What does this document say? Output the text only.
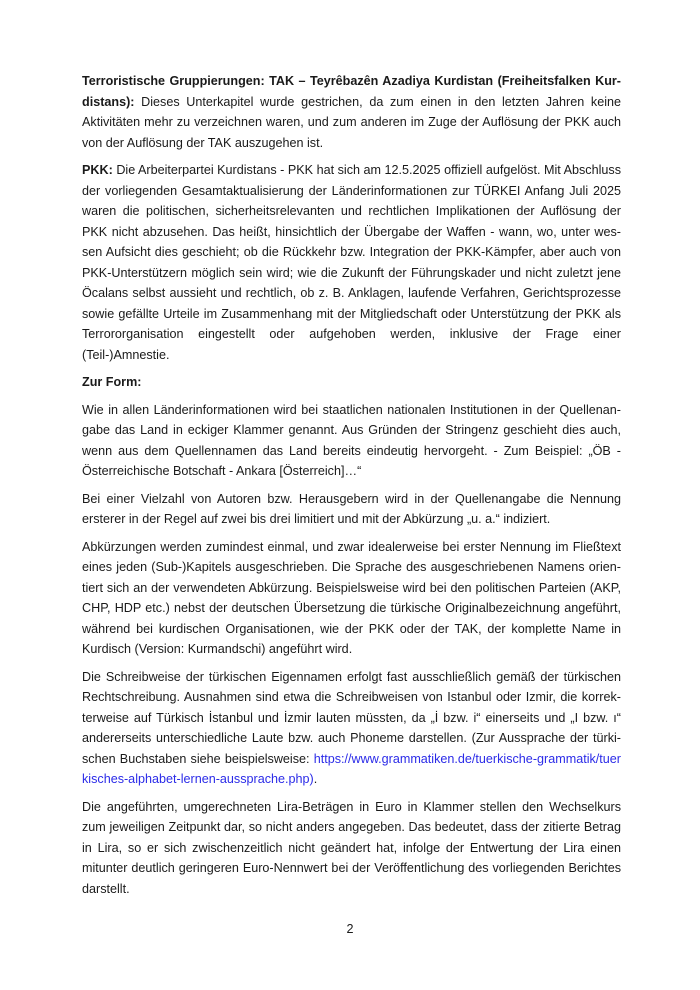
Terroristische Gruppierungen: TAK – Teyrêbazên Azadiya Kurdistan (Freiheitsfalken Kurdistans): Dieses Unterkapitel wurde gestrichen, da zum einen in den letzten Jahren keine Aktivitäten mehr zu verzeichnen waren, und zum anderen im Zuge der Auflösung der PKK auch von der Auflösung der TAK auszugehen ist.

PKK: Die Arbeiterpartei Kurdistans - PKK hat sich am 12.5.2025 offiziell aufgelöst. Mit Abschluss der vorliegenden Gesamtaktualisierung der Länderinformationen zur TÜRKEI Anfang Juli 2025 waren die politischen, sicherheitsrelevanten und rechtlichen Implikationen der Auflösung der PKK nicht abzusehen. Das heißt, hinsichtlich der Übergabe der Waffen - wann, wo, unter wessen Aufsicht dies geschieht; ob die Rückkehr bzw. Integration der PKK-Kämpfer, aber auch von PKK-Unterstützern möglich sein wird; wie die Zukunft der Führungskader und nicht zuletzt jene Öcalans selbst aussieht und rechtlich, ob z. B. Anklagen, laufende Verfahren, Gerichtsprozesse sowie gefällte Urteile im Zusammenhang mit der Mitgliedschaft oder Unterstützung der PKK als Terrororganisation eingestellt oder aufgehoben werden, inklusive der Frage einer (Teil-)Amnestie.

Zur Form:

Wie in allen Länderinformationen wird bei staatlichen nationalen Institutionen in der Quellenangabe das Land in eckiger Klammer genannt. Aus Gründen der Stringenz geschieht dies auch, wenn aus dem Quellennamen das Land bereits eindeutig hervorgeht. - Zum Beispiel: „ÖB - Österreichische Botschaft - Ankara [Österreich]…“

Bei einer Vielzahl von Autoren bzw. Herausgebern wird in der Quellenangabe die Nennung ersterer in der Regel auf zwei bis drei limitiert und mit der Abkürzung „u. a.“ indiziert.

Abkürzungen werden zumindest einmal, und zwar idealerweise bei erster Nennung im Fließtext eines jeden (Sub-)Kapitels ausgeschrieben. Die Sprache des ausgeschriebenen Namens orientiert sich an der verwendeten Abkürzung. Beispielsweise wird bei den politischen Parteien (AKP, CHP, HDP etc.) nebst der deutschen Übersetzung die türkische Originalbezeichnung angeführt, während bei kurdischen Organisationen, wie der PKK oder der TAK, der komplette Name in Kurdisch (Version: Kurmandschi) angeführt wird.

Die Schreibweise der türkischen Eigennamen erfolgt fast ausschließlich gemäß der türkischen Rechtschreibung. Ausnahmen sind etwa die Schreibweisen von Istanbul oder Izmir, die korrekterweise auf Türkisch İstanbul und İzmir lauten müssten, da „İ bzw. i“ einerseits und „I bzw. ı“ andererseits unterschiedliche Laute bzw. auch Phoneme darstellen. (Zur Aussprache der türkischen Buchstaben siehe beispielsweise: https://www.grammatiken.de/tuerkische-grammatik/tuerkisches-alphabet-lernen-aussprache.php).

Die angeführten, umgerechneten Lira-Beträgen in Euro in Klammer stellen den Wechselkurs zum jeweiligen Zeitpunkt dar, so nicht anders angegeben. Das bedeutet, dass der zitierte Betrag in Lira, so er sich zwischenzeitlich nicht geändert hat, infolge der Entwertung der Lira einen mitunter deutlich geringeren Euro-Nennwert bei der Veröffentlichung des vorliegenden Berichtes darstellt.

2
